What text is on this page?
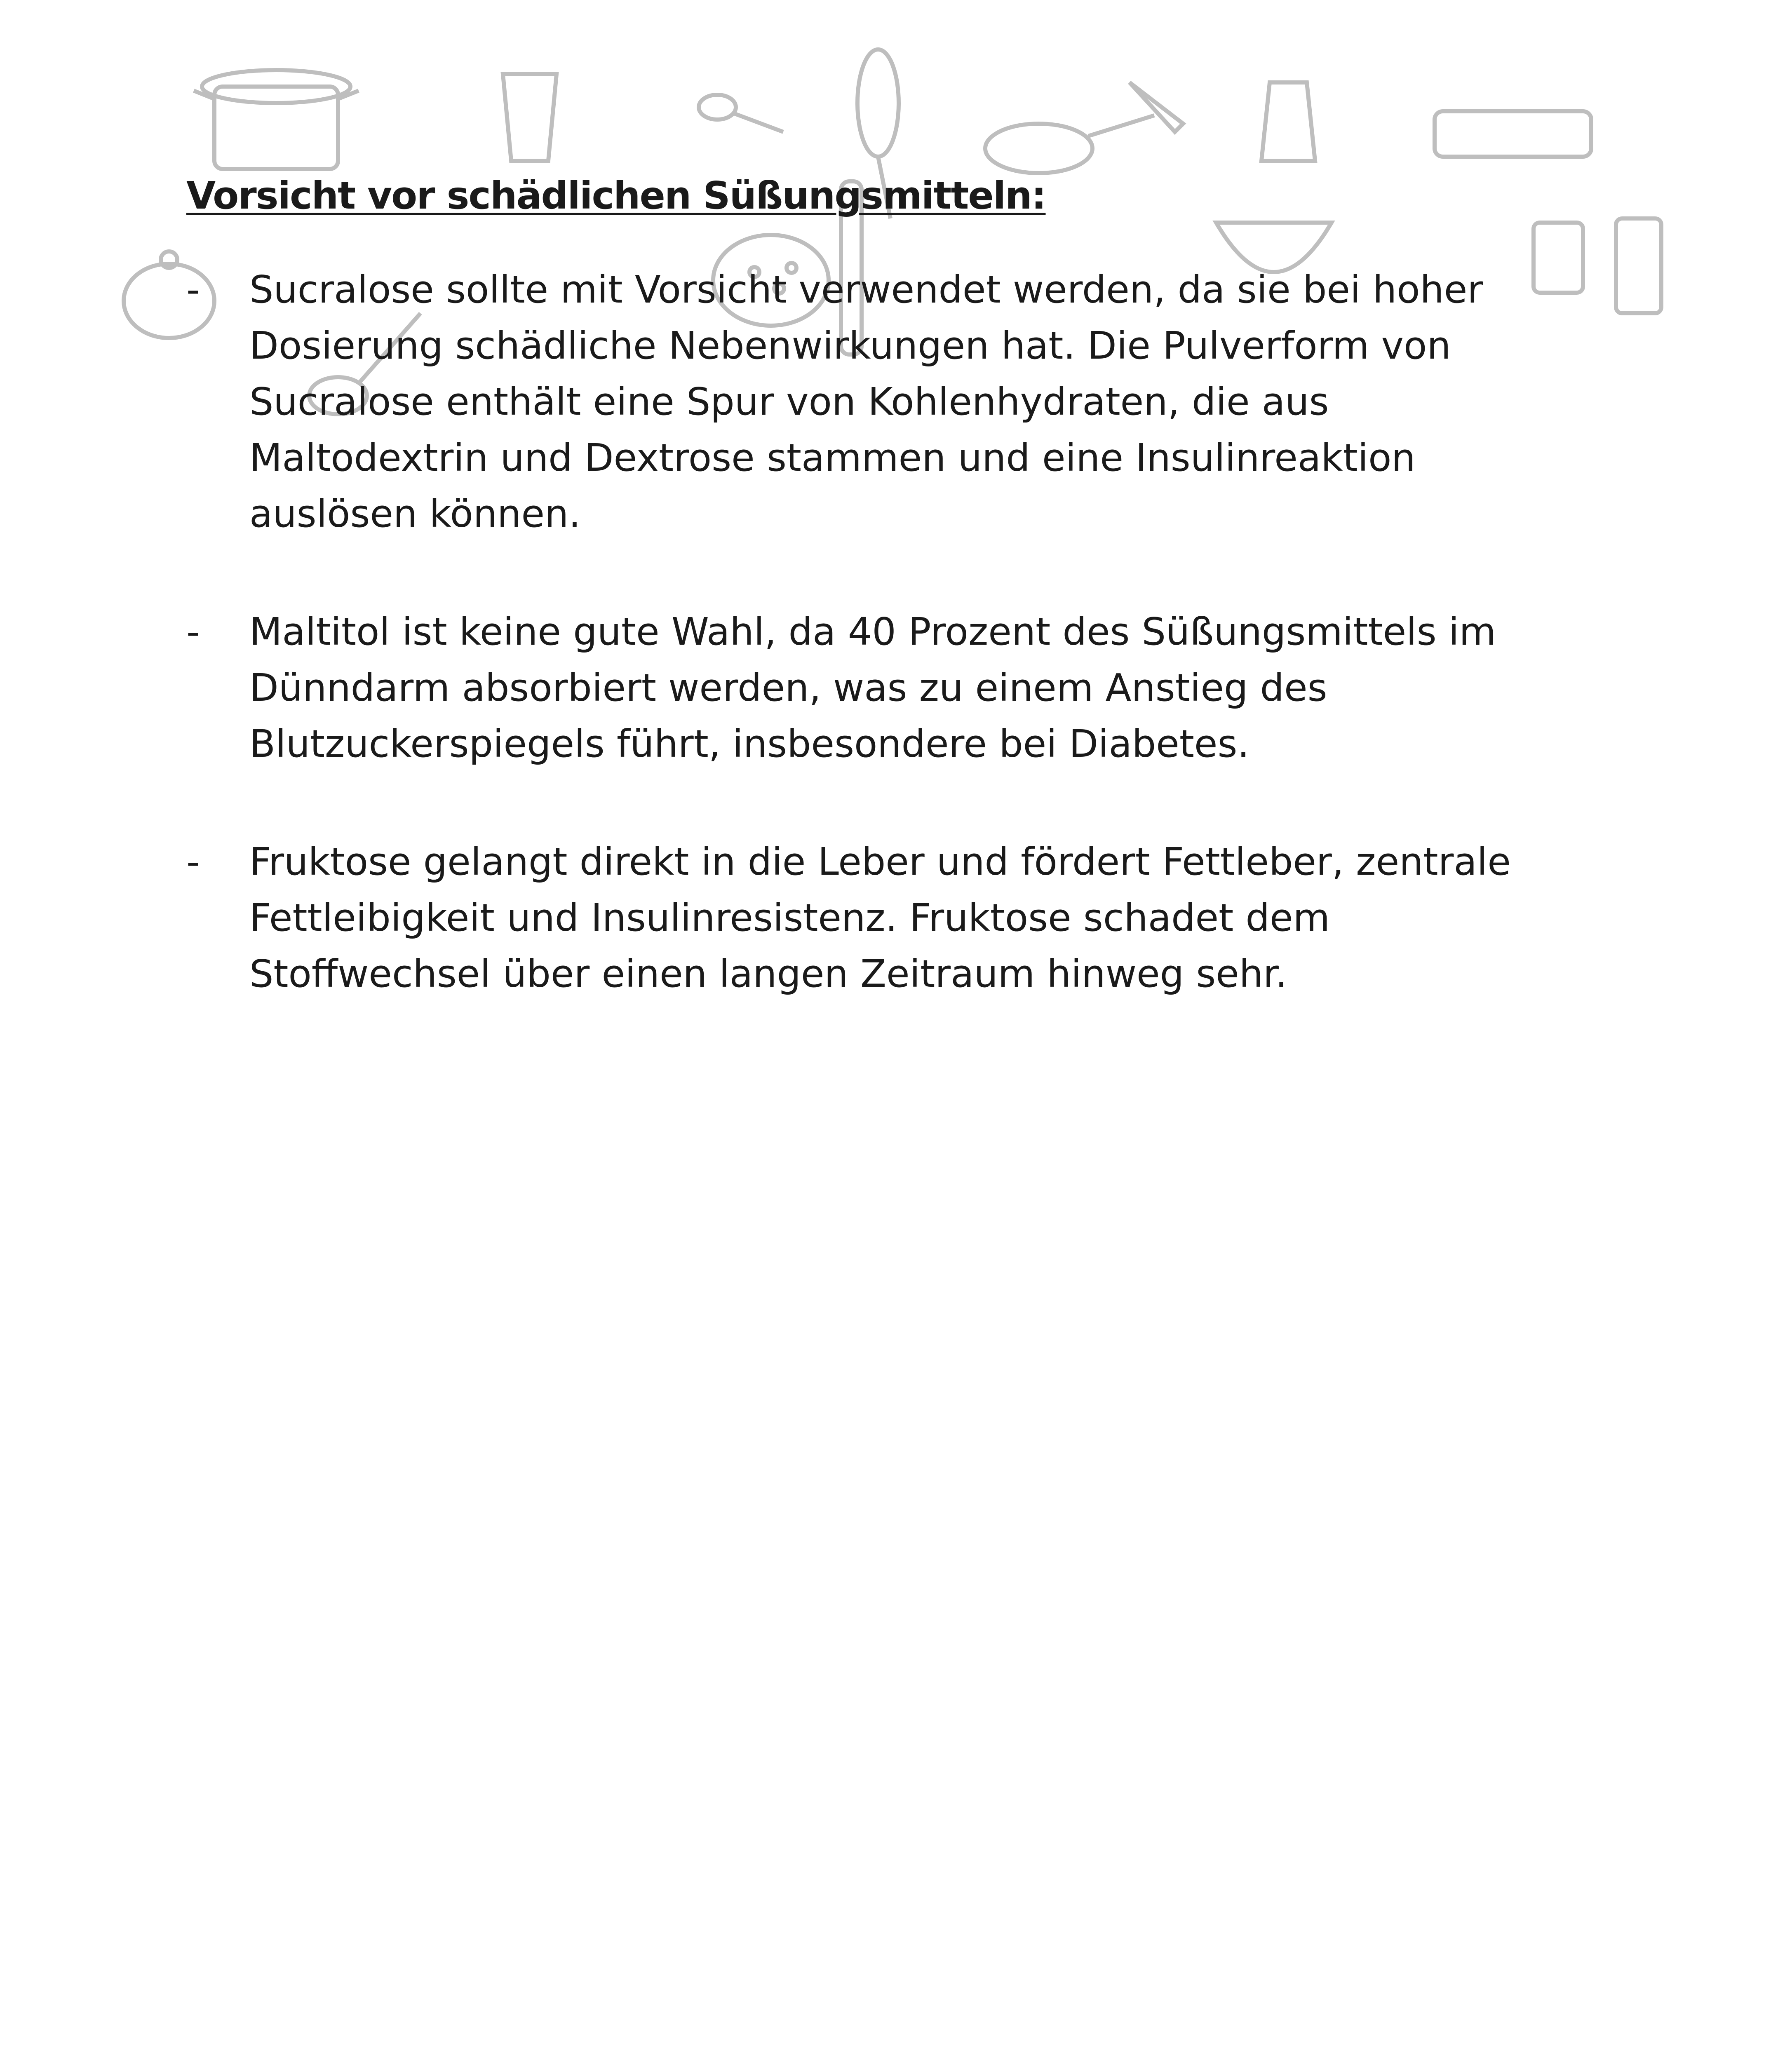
Vorsicht vor schädlichen Süßungsmitteln:
- Sucralose sollte mit Vorsicht verwendet werden, da sie bei hoher Dosierung schädliche Nebenwirkungen hat. Die Pulverform von Sucralose enthält eine Spur von Kohlenhydraten, die aus Maltodextrin und Dextrose stammen und eine Insulinreaktion auslösen können.
- Maltitol ist keine gute Wahl, da 40 Prozent des Süßungsmittels im Dünndarm absorbiert werden, was zu einem Anstieg des Blutzuckerspiegels führt, insbesondere bei Diabetes.
- Fruktose gelangt direkt in die Leber und fördert Fettleber, zentrale Fettleibigkeit und Insulinresistenz. Fruktose schadet dem Stoffwechsel über einen langen Zeitraum hinweg sehr.
